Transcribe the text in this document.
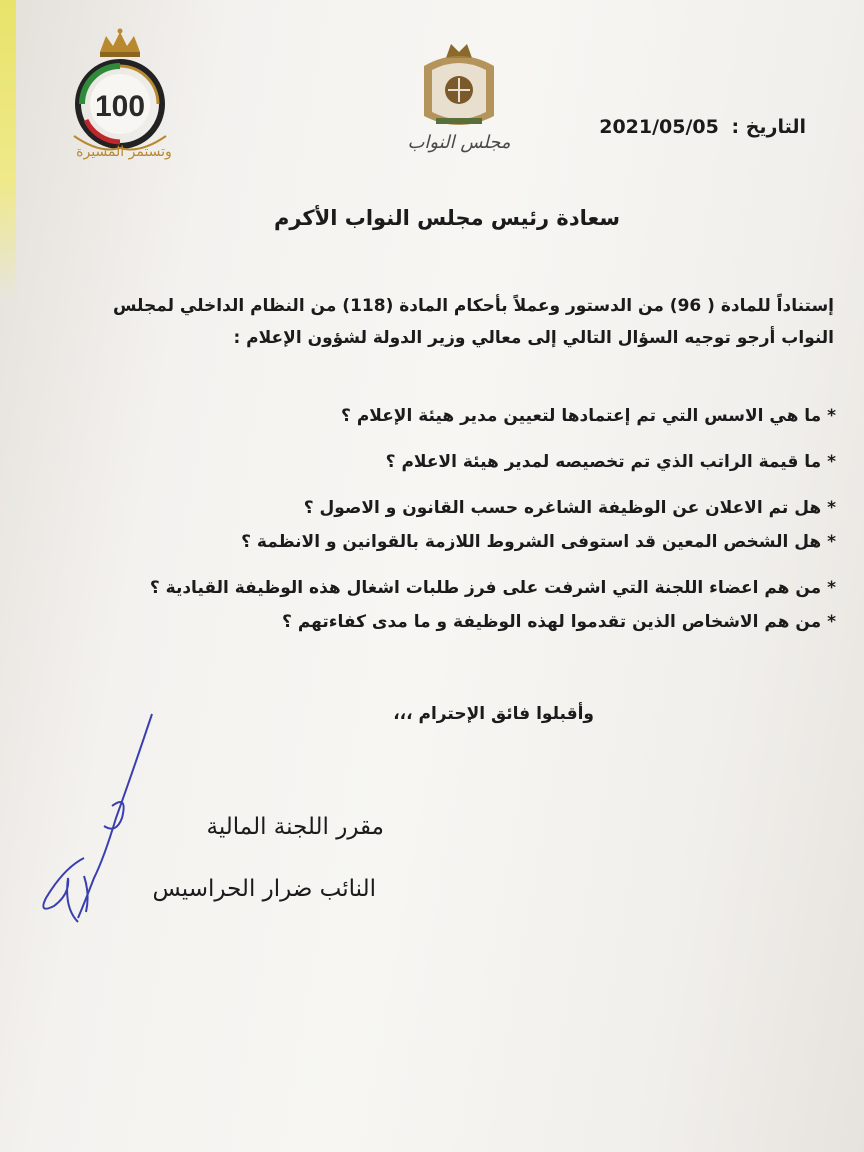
100
وتستمر المسيرة	مجلس النواب
التاريخ : 2021/05/05
سعادة رئيس مجلس النواب الأكرم
إستناداً للمادة ( 96) من الدستور وعملاً بأحكام المادة (118) من النظام الداخلي لمجلس
النواب أرجو توجيه السؤال التالي إلى معالي وزير الدولة لشؤون الإعلام :
* ما هي الاسس التي تم إعتمادها لتعيين مدير هيئة الإعلام ؟
* ما قيمة الراتب الذي تم تخصيصه لمدير هيئة الاعلام ؟
* هل تم الاعلان عن الوظيفة الشاغره حسب القانون و الاصول ؟
* هل الشخص المعين قد استوفى الشروط اللازمة بالقوانين و الانظمة ؟
* من هم اعضاء اللجنة التي اشرفت على فرز طلبات اشغال هذه الوظيفة القيادية ؟
* من هم الاشخاص الذين تقدموا لهذه الوظيفة و ما مدى كفاءتهم ؟
وأقبلوا فائق الإحترام ،،،
مقرر اللجنة المالية
النائب ضرار الحراسيس
